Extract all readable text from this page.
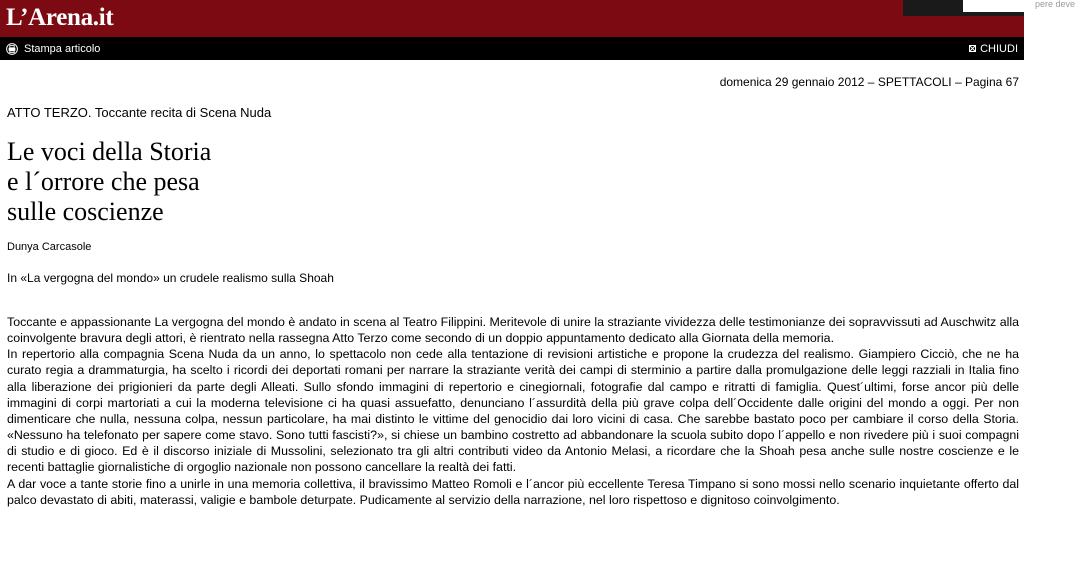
L’Arena.it	pere deve
Stampa articolo	CHIUDI
domenica 29 gennaio 2012 – SPETTACOLI – Pagina 67
ATTO TERZO. Toccante recita di Scena Nuda
Le voci della Storia
e l´orrore che pesa
sulle coscienze
Dunya Carcasole
In «La vergogna del mondo» un crudele realismo sulla Shoah

Toccante e appassionante La vergogna del mondo è andato in scena al Teatro Filippini. Meritevole di unire la straziante vividezza delle testimonianze dei sopravvissuti ad Auschwitz alla coinvolgente bravura degli attori, è rientrato nella rassegna Atto Terzo come secondo di un doppio appuntamento dedicato alla Giornata della memoria.

In repertorio alla compagnia Scena Nuda da un anno, lo spettacolo non cede alla tentazione di revisioni artistiche e propone la crudezza del realismo. Giampiero Cicciò, che ne ha curato regia a drammaturgia, ha scelto i ricordi dei deportati romani per narrare la straziante verità dei campi di sterminio a partire dalla promulgazione delle leggi razziali in Italia fino alla liberazione dei prigionieri da parte degli Alleati. Sullo sfondo immagini di repertorio e cinegiornali, fotografie dal campo e ritratti di famiglia. Quest´ultimi, forse ancor più delle immagini di corpi martoriati a cui la moderna televisione ci ha quasi assuefatto, denunciano l´assurdità della più grave colpa dell´Occidente dalle origini del mondo a oggi. Per non dimenticare che nulla, nessuna colpa, nessun particolare, ha mai distinto le vittime del genocidio dai loro vicini di casa. Che sarebbe bastato poco per cambiare il corso della Storia. «Nessuno ha telefonato per sapere come stavo. Sono tutti fascisti?», si chiese un bambino costretto ad abbandonare la scuola subito dopo l´appello e non rivedere più i suoi compagni di studio e di gioco. Ed è il discorso iniziale di Mussolini, selezionato tra gli altri contributi video da Antonio Melasi, a ricordare che la Shoah pesa anche sulle nostre coscienze e le recenti battaglie giornalistiche di orgoglio nazionale non possono cancellare la realtà dei fatti.

A dar voce a tante storie fino a unirle in una memoria collettiva, il bravissimo Matteo Romoli e l´ancor più eccellente Teresa Timpano si sono mossi nello scenario inquietante offerto dal palco devastato di abiti, materassi, valigie e bambole deturpate. Pudicamente al servizio della narrazione, nel loro rispettoso e dignitoso coinvolgimento.
